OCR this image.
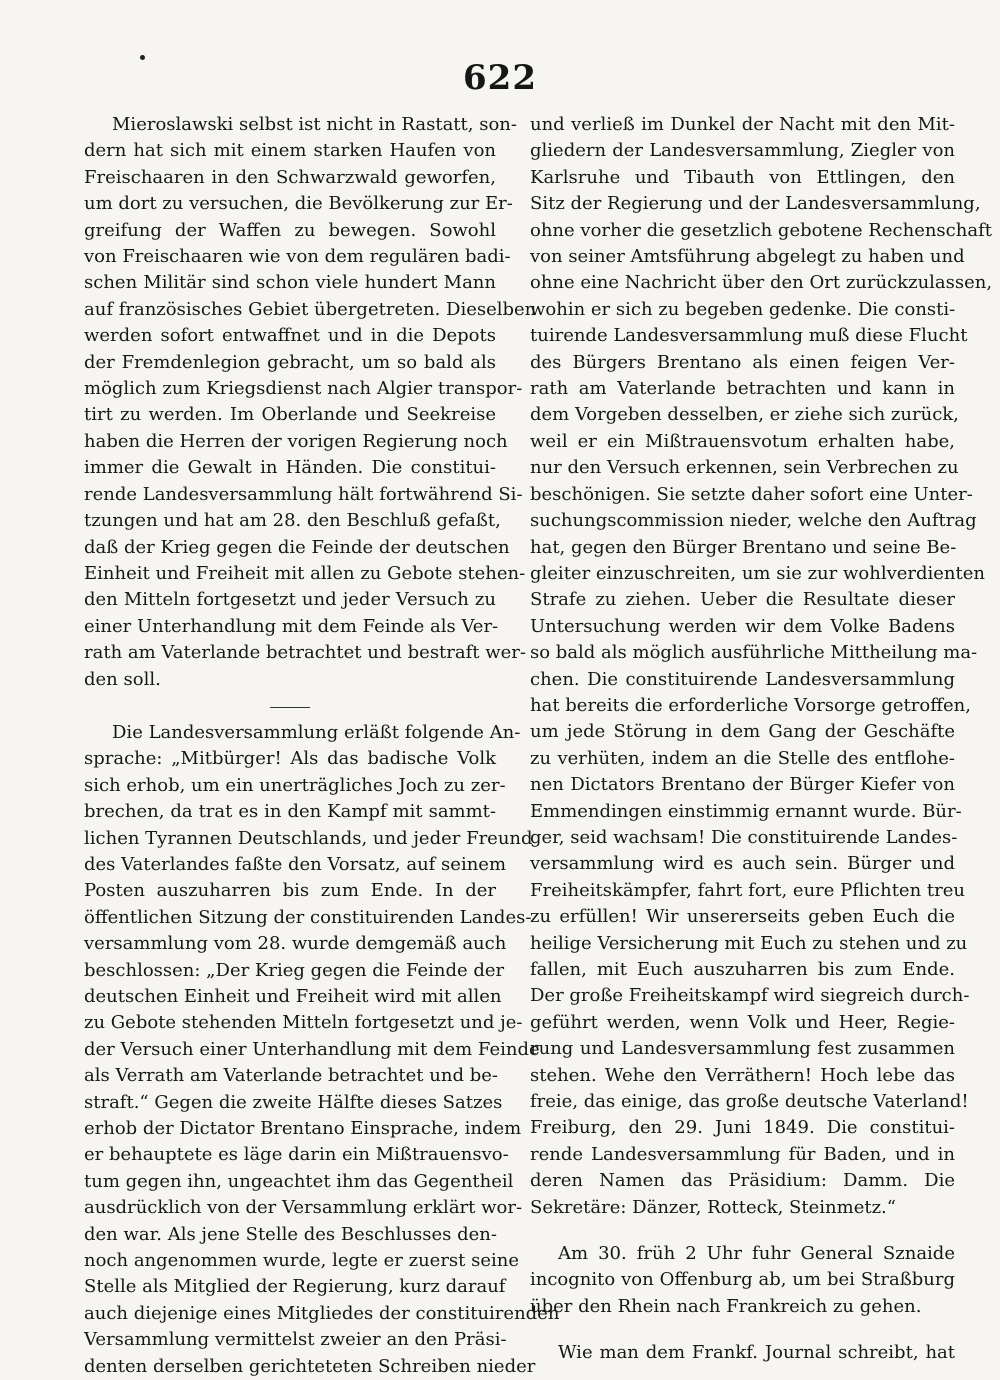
622
Mieroslawski selbst ist nicht in Rastatt, son-
dern hat sich mit einem starken Haufen von
Freischaaren in den Schwarzwald geworfen,
um dort zu versuchen, die Bevölkerung zur Er-
greifung der Waffen zu bewegen. Sowohl
von Freischaaren wie von dem regulären badi-
schen Militär sind schon viele hundert Mann
auf französisches Gebiet übergetreten. Dieselben
werden sofort entwaffnet und in die Depots
der Fremdenlegion gebracht, um so bald als
möglich zum Kriegsdienst nach Algier transpor-
tirt zu werden. Im Oberlande und Seekreise
haben die Herren der vorigen Regierung noch
immer die Gewalt in Händen. Die constitui-
rende Landesversammlung hält fortwährend Si-
tzungen und hat am 28. den Beschluß gefaßt,
daß der Krieg gegen die Feinde der deutschen
Einheit und Freiheit mit allen zu Gebote stehen-
den Mitteln fortgesetzt und jeder Versuch zu
einer Unterhandlung mit dem Feinde als Ver-
rath am Vaterlande betrachtet und bestraft wer-
den soll.
Die Landesversammlung erläßt folgende An-
sprache: „Mitbürger! Als das badische Volk
sich erhob, um ein unerträgliches Joch zu zer-
brechen, da trat es in den Kampf mit sammt-
lichen Tyrannen Deutschlands, und jeder Freund
des Vaterlandes faßte den Vorsatz, auf seinem
Posten auszuharren bis zum Ende. In der
öffentlichen Sitzung der constituirenden Landes-
versammlung vom 28. wurde demgemäß auch
beschlossen: „Der Krieg gegen die Feinde der
deutschen Einheit und Freiheit wird mit allen
zu Gebote stehenden Mitteln fortgesetzt und je-
der Versuch einer Unterhandlung mit dem Feinde
als Verrath am Vaterlande betrachtet und be-
straft.“ Gegen die zweite Hälfte dieses Satzes
erhob der Dictator Brentano Einsprache, indem
er behauptete es läge darin ein Mißtrauensvo-
tum gegen ihn, ungeachtet ihm das Gegentheil
ausdrücklich von der Versammlung erklärt wor-
den war. Als jene Stelle des Beschlusses den-
noch angenommen wurde, legte er zuerst seine
Stelle als Mitglied der Regierung, kurz darauf
auch diejenige eines Mitgliedes der constituirenden
Versammlung vermittelst zweier an den Präsi-
denten derselben gerichteteten Schreiben nieder
und verließ im Dunkel der Nacht mit den Mit-
gliedern der Landesversammlung, Ziegler von
Karlsruhe und Tibauth von Ettlingen, den
Sitz der Regierung und der Landesversammlung,
ohne vorher die gesetzlich gebotene Rechenschaft
von seiner Amtsführung abgelegt zu haben und
ohne eine Nachricht über den Ort zurückzulassen,
wohin er sich zu begeben gedenke. Die consti-
tuirende Landesversammlung muß diese Flucht
des Bürgers Brentano als einen feigen Ver-
rath am Vaterlande betrachten und kann in
dem Vorgeben desselben, er ziehe sich zurück,
weil er ein Mißtrauensvotum erhalten habe,
nur den Versuch erkennen, sein Verbrechen zu
beschönigen. Sie setzte daher sofort eine Unter-
suchungscommission nieder, welche den Auftrag
hat, gegen den Bürger Brentano und seine Be-
gleiter einzuschreiten, um sie zur wohlverdienten
Strafe zu ziehen. Ueber die Resultate dieser
Untersuchung werden wir dem Volke Badens
so bald als möglich ausführliche Mittheilung ma-
chen. Die constituirende Landesversammlung
hat bereits die erforderliche Vorsorge getroffen,
um jede Störung in dem Gang der Geschäfte
zu verhüten, indem an die Stelle des entflohe-
nen Dictators Brentano der Bürger Kiefer von
Emmendingen einstimmig ernannt wurde. Bür-
ger, seid wachsam! Die constituirende Landes-
versammlung wird es auch sein. Bürger und
Freiheitskämpfer, fahrt fort, eure Pflichten treu
zu erfüllen! Wir unsererseits geben Euch die
heilige Versicherung mit Euch zu stehen und zu
fallen, mit Euch auszuharren bis zum Ende.
Der große Freiheitskampf wird siegreich durch-
geführt werden, wenn Volk und Heer, Regie-
rung und Landesversammlung fest zusammen
stehen. Wehe den Verräthern! Hoch lebe das
freie, das einige, das große deutsche Vaterland!
Freiburg, den 29. Juni 1849. Die constitui-
rende Landesversammlung für Baden, und in
deren Namen das Präsidium: Damm. Die
Sekretäre: Dänzer, Rotteck, Steinmetz.“
Am 30. früh 2 Uhr fuhr General Sznaide
incognito von Offenburg ab, um bei Straßburg
über den Rhein nach Frankreich zu gehen.
Wie man dem Frankf. Journal schreibt, hat
